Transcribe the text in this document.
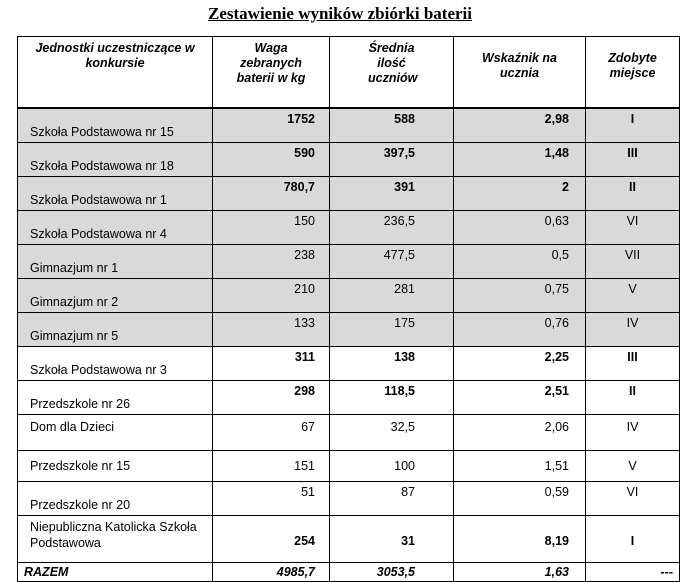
Zestawienie wyników zbiórki baterii
Jednostki uczestniczące w konkursie	Waga zebranych baterii w kg	Średnia ilość uczniów	Wskaźnik na ucznia	Zdobyte miejsce
Szkoła Podstawowa nr 15	1752	588	2,98	I
Szkoła Podstawowa nr 18	590	397,5	1,48	III
Szkoła Podstawowa nr 1	780,7	391	2	II
Szkoła Podstawowa nr 4	150	236,5	0,63	VI
Gimnazjum nr 1	238	477,5	0,5	VII
Gimnazjum nr 2	210	281	0,75	V
Gimnazjum nr 5	133	175	0,76	IV
Szkoła Podstawowa nr 3	311	138	2,25	III
Przedszkole nr 26	298	118,5	2,51	II
Dom dla Dzieci	67	32,5	2,06	IV
Przedszkole nr 15	151	100	1,51	V
Przedszkole nr 20	51	87	0,59	VI
Niepubliczna Katolicka Szkoła Podstawowa	254	31	8,19	I
RAZEM	4985,7	3053,5	1,63	---
